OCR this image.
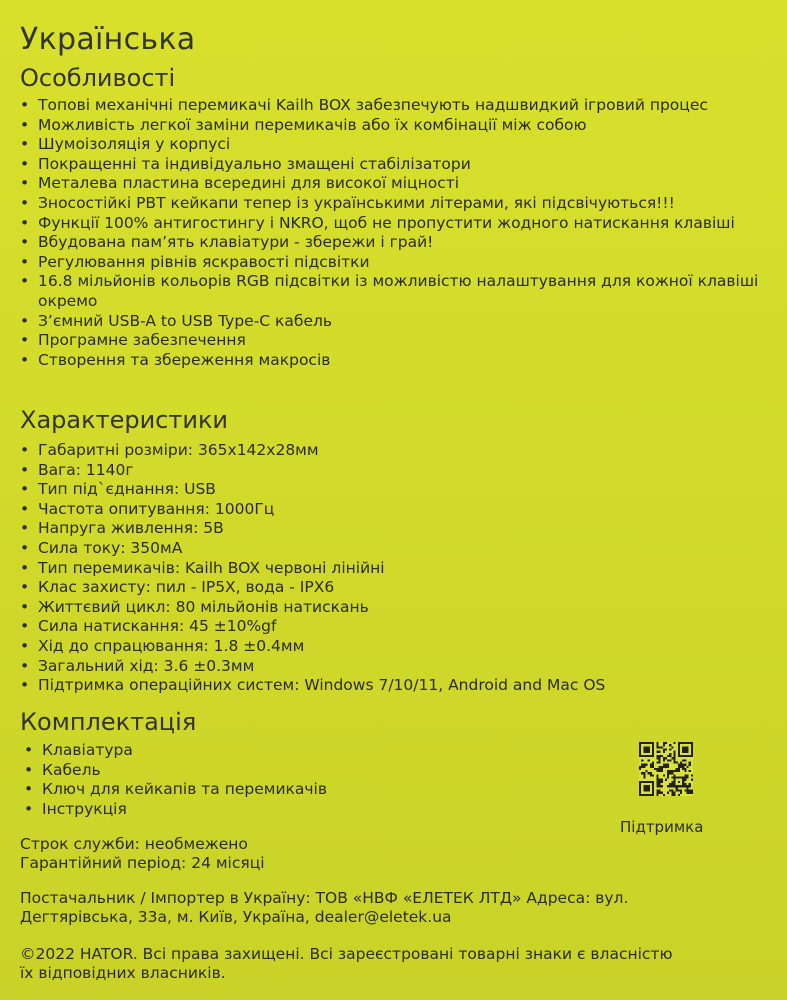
Українська
Особливості
• Топові механічні перемикачі Kailh BOX забезпечують надшвидкий ігровий процес
• Можливість легкої заміни перемикачів або їх комбінації між собою
• Шумоізоляція у корпусі
• Покращенні та індивідуально змащені стабілізатори
• Металева пластина всередині для високої міцності
• Зносостійкі PBT кейкапи тепер із українськими літерами, які підсвічуються!!!
• Функції 100% антигостингу і NKRO, щоб не пропустити жодного натискання клавіші
• Вбудована пам’ять клавіатури - збережи і грай!
• Регулювання рівнів яскравості підсвітки
• 16.8 мільйонів кольорів RGB підсвітки із можливістю налаштування для кожної клавіші окремо
• З’ємний USB-A to USB Type-C кабель
• Програмне забезпечення
• Створення та збереження макросів
Характеристики
• Габаритні розміри: 365x142x28мм
• Вага: 1140г
• Тип під`єднання: USB
• Частота опитування: 1000Гц
• Напруга живлення: 5В
• Сила току: 350мА
• Тип перемикачів: Kailh BOX червоні лінійні
• Клас захисту: пил - IP5X, вода - IPX6
• Життєвий цикл: 80 мільйонів натискань
• Сила натискання: 45 ±10%gf
• Хід до спрацювання: 1.8 ±0.4мм
• Загальний хід: 3.6 ±0.3мм
• Підтримка операційних систем: Windows 7/10/11, Android and Mac OS
Комплектація
• Клавіатура
• Кабель
• Ключ для кейкапів та перемикачів
• Інструкція
Строк служби: необмежено
Гарантійний період: 24 місяці
Постачальник / Імпортер в Україну: ТОВ «НВФ «ЕЛЕТЕК ЛТД» Адреса: вул.
Дегтярівська, 33а, м. Київ, Україна, dealer@eletek.ua
©2022 HATOR. Всі права захищені. Всі зареєстровані товарні знаки є власністю
їх відповідних власників.
Підтримка
